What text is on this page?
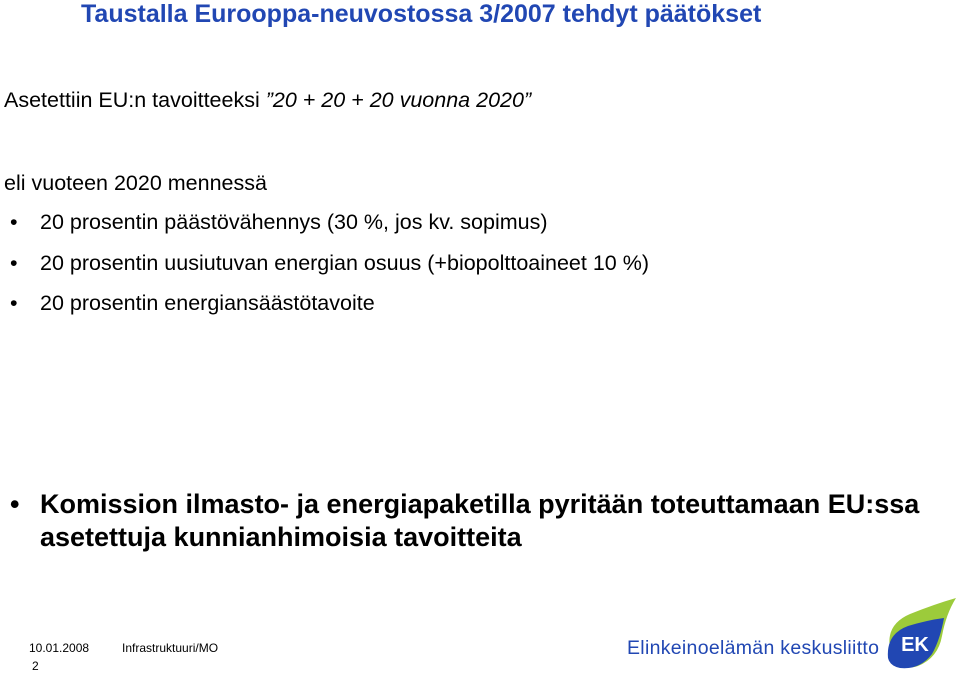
Taustalla Eurooppa-neuvostossa 3/2007 tehdyt päätökset
Asetettiin EU:n tavoitteeksi ”20 + 20 + 20 vuonna 2020”
eli vuoteen 2020 mennessä
• 20 prosentin päästövähennys (30 %, jos kv. sopimus)
• 20 prosentin uusiutuvan energian osuus (+biopolttoaineet 10 %)
• 20 prosentin energiansäästötavoite
• Komission ilmasto- ja energiapaketilla pyritään toteuttamaan EU:ssa asetettuja kunnianhimoisia tavoitteita
10.01.2008	Infrastruktuuri/MO
2
Elinkeinoelämän keskusliitto EK
